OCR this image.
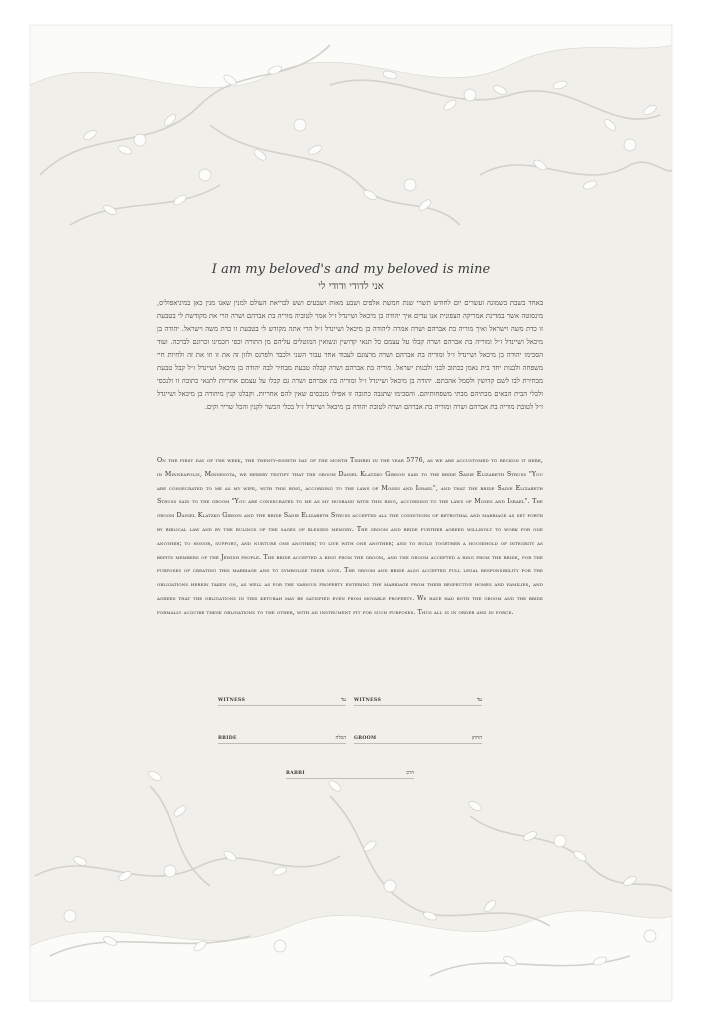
I am my beloved's and my beloved is mine
אני לדודי ודודי לי

באחד בשבת בשמונה ועשרים יום לחודש תשרי שנת חמשת אלפים ושבע מאות ושבעים ושש לבריאת העולם למנין שאנו מנין כאן במיניאפוליס, מינסוטה אשר במדינת אמריקה הצפונית אנו עדים איך יהודה בן מיכאל ושיינדל ז״ל אמר לטוביה מוריה בת אברהם ושרה הרי את מקודשת לי בטבעת זו כדת משה וישראל ואיך מוריה בת אברהם ושרה אמרה ליהודה בן מיכאל ושיינדל ז״ל הרי אתה מקודש לי בטבעת זו כדת משה וישראל. יהודה בן מיכאל ושיינדל ז״ל ומוריה בת אברהם ושרה קבלו על עצמם כל תנאי קדושין ונשואין המוטלים עליהם מן התורה וכפי חכמינו זכרונם לברכה. ועוד הסכימו יהודה בן מיכאל ושיינדל ז״ל ומוריה בת אברהם ושרה מרצונם לעבוד אחד עבור השני ולכבד ולפרנס ולזון זה את זו וזו את זה ולחיות חיי משפחה ולבנות יחד בית נאמן ככתוב לבני ולבנות ישראל. מוריה בת אברהם ושרה קבלה טבעת מבחיר לבה יהודה בן מיכאל ושיינדל ז״ל קבל טבעת מבחירת לבו לשם קדושין ולסמל אהבתם. יהודה בן מיכאל ושיינדל ז״ל ומוריה בת אברהם ושרה גם קבלו על עצמם אחריות לתנאי כתובה זו ולנכסי ולכלי הבית הבאים מבתיהם מבתי משפחותיהם. והסכימו שתגבה כתובה זו אפילו מנכסים שאין להם אחריות. וקבלנו קנין מיהודה בן מיכאל ושיינדל ז״ל לטובת מוריה בת אברהם ושרה ומוריה בת אברהם ושרה לטובת יהודה בן מיכאל ושיינדל ז״ל בכלי הכשר לקנין והכל שריר וקים.

On the first day of the week, the twenty-eighth day of the month Tishrei in the year 5776, as we are accustomed to reckon it here, in Minneapolis, Minnesota, we hereby testify that the groom Daniel Klatzko Gibson said to the bride Sadie Elizabeth Struss "You are consecrated to me as my wife, with this ring, according to the laws of Moses and Israel", and that the bride Sadie Elizabeth Struss said to the groom "You are consecrated to me as my husband with this ring, according to the laws of Moses and Israel". The groom Daniel Klatzko Gibson and the bride Sadie Elizabeth Struss accepted all the conditions of betrothal and marriage as set forth by biblical law and by the rulings of the sages of blessed memory. The groom and bride further agreed willingly to work for one another; to honor, support, and nurture one another; to live with one another; and to build together a household of integrity as befits members of the Jewish people. The bride accepted a ring from the groom, and the groom accepted a ring from the bride, for the purposes of creating this marriage and to symbolize their love. The groom and bride also accepted full legal responsibility for the obligations herein taken on, as well as for the various property entering the marriage from their respective homes and families, and agreed that the obligations in this ketubah may be satisfied even from movable property. We have had both the groom and the bride formally acquire these obligations to the other, with an instrument fit for such purposes. Thus all is in order and in force.

WITNESS	עד WITNESS	עד
BRIDE	הכלה GROOM	החתן
RABBI	הרב
